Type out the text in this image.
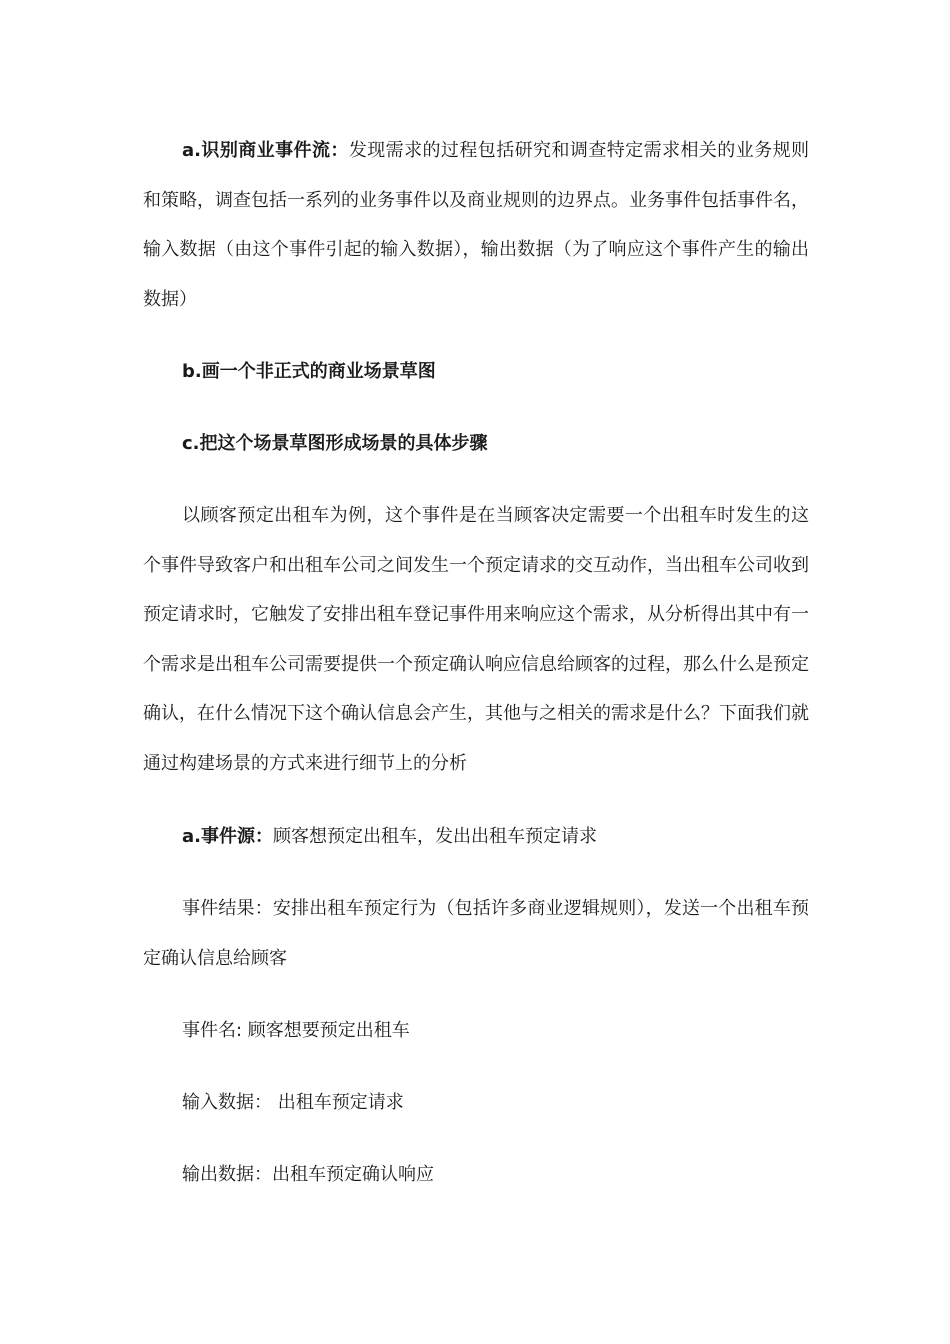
a.识别商业事件流：发现需求的过程包括研究和调查特定需求相关的业务规则和策略，调查包括一系列的业务事件以及商业规则的边界点。业务事件包括事件名，输入数据（由这个事件引起的输入数据），输出数据（为了响应这个事件产生的输出数据）

b.画一个非正式的商业场景草图

c.把这个场景草图形成场景的具体步骤

以顾客预定出租车为例，这个事件是在当顾客决定需要一个出租车时发生的这个事件导致客户和出租车公司之间发生一个预定请求的交互动作，当出租车公司收到预定请求时，它触发了安排出租车登记事件用来响应这个需求，从分析得出其中有一个需求是出租车公司需要提供一个预定确认响应信息给顾客的过程，那么什么是预定确认，在什么情况下这个确认信息会产生，其他与之相关的需求是什么？下面我们就通过构建场景的方式来进行细节上的分析

a.事件源：顾客想预定出租车，发出出租车预定请求

事件结果：安排出租车预定行为（包括许多商业逻辑规则），发送一个出租车预定确认信息给顾客

事件名: 顾客想要预定出租车

输入数据： 出租车预定请求

输出数据：出租车预定确认响应
